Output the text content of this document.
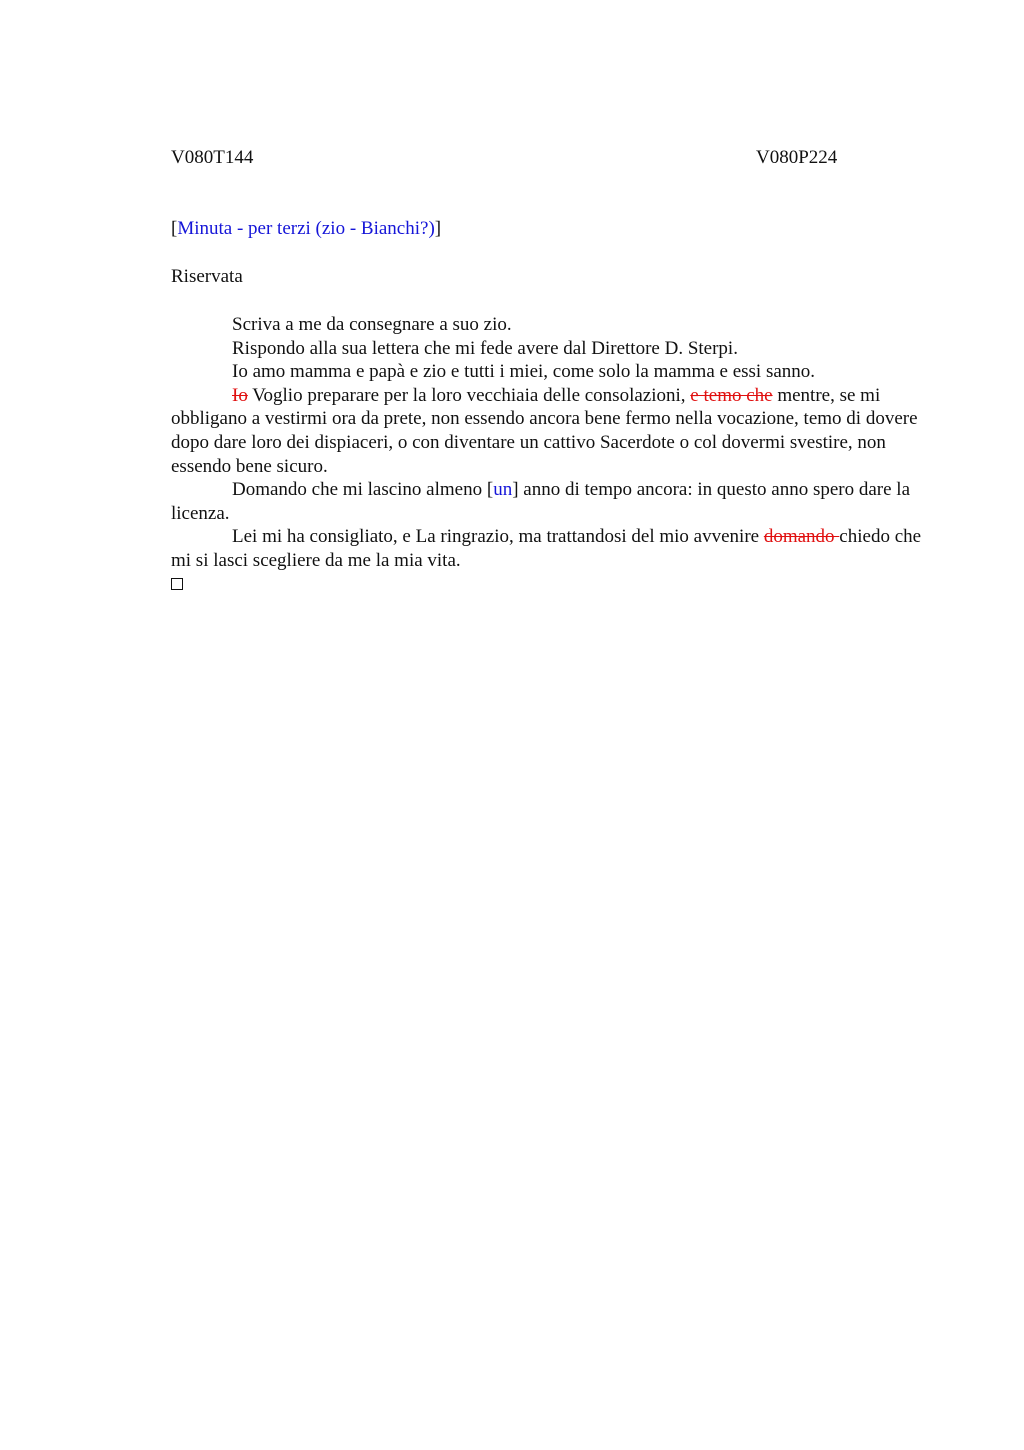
V080T144	V080P224
[Minuta - per terzi (zio - Bianchi?)]
Riservata

Scriva a me da consegnare a suo zio.

Rispondo alla sua lettera che mi fede avere dal Direttore D. Sterpi.

Io amo mamma e papà e zio e tutti i miei, come solo la mamma e essi sanno.

Io Voglio preparare per la loro vecchiaia delle consolazioni, e temo che mentre, se mi obbligano a vestirmi ora da prete, non essendo ancora bene fermo nella vocazione, temo di dovere dopo dare loro dei dispiaceri, o con diventare un cattivo Sacerdote o col dovermi svestire, non essendo bene sicuro.

Domando che mi lascino almeno [un] anno di tempo ancora: in questo anno spero dare la licenza.

Lei mi ha consigliato, e La ringrazio, ma trattandosi del mio avvenire domando chiedo che mi si lasci scegliere da me la mia vita.
